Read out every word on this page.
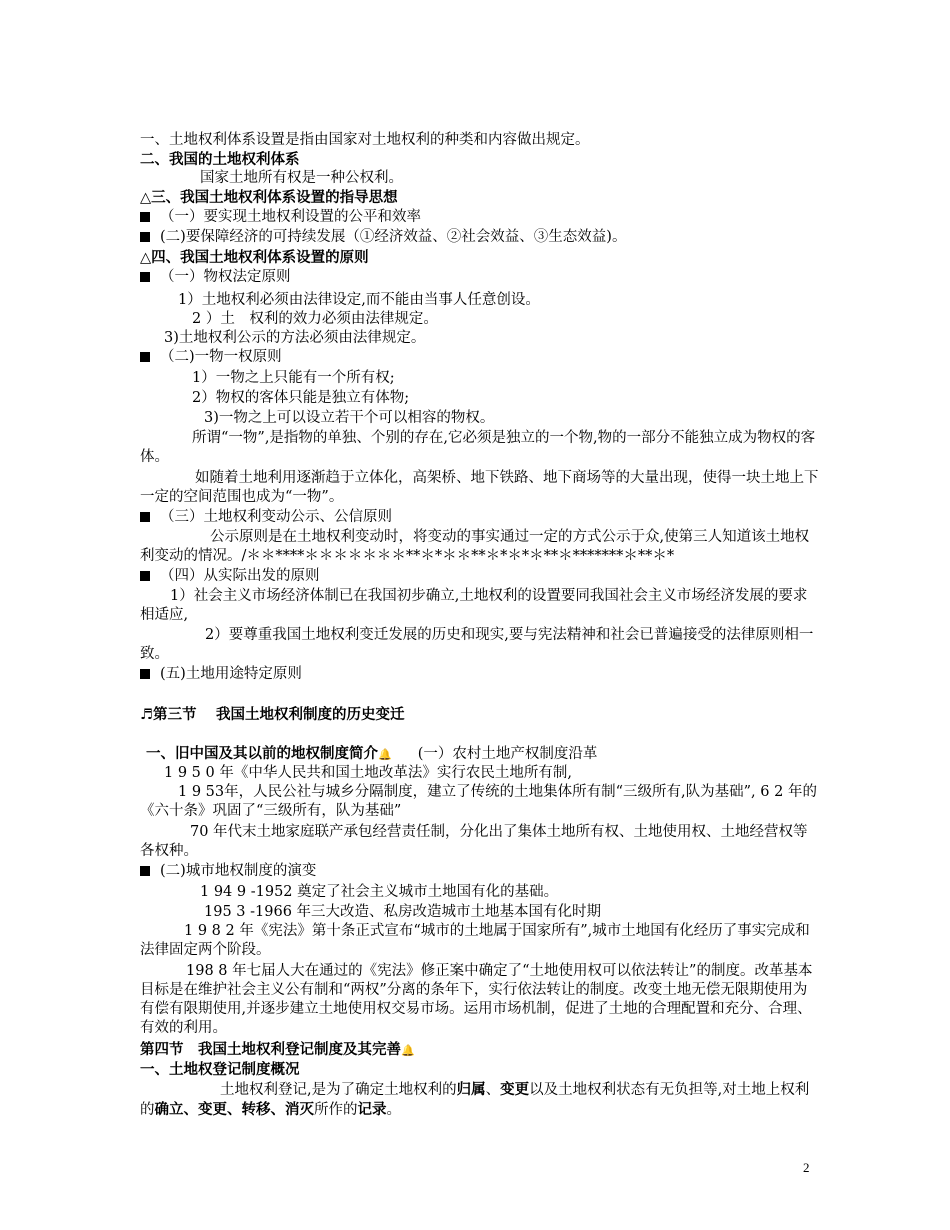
一、土地权利体系设置是指由国家对土地权利的种类和内容做出规定。

二、我国的土地权利体系

国家土地所有权是一种公权利。

△三、我国土地权利体系设置的指导思想

（一）要实现土地权利设置的公平和效率

(二)要保障经济的可持续发展（①经济效益、②社会效益、③生态效益)。

△四、我国土地权利体系设置的原则

（一）物权法定原则

1）土地权利必须由法律设定,而不能由当事人任意创设。

2 ）土　权利的效力必须由法律规定。

3)土地权利公示的方法必须由法律规定。

（二)一物一权原则

1）一物之上只能有一个所有权;

2）物权的客体只能是独立有体物;

3)一物之上可以设立若干个可以相容的物权。

所谓“一物”,是指物的单独、个别的存在,它必须是独立的一个物,物的一部分不能独立成为物权的客体。

如随着土地利用逐渐趋于立体化，高架桥、地下铁路、地下商场等的大量出现，使得一块土地上下一定的空间范围也成为“一物”。

（三）土地权利变动公示、公信原则

公示原则是在土地权利变动时，将变动的事实通过一定的方式公示于众,使第三人知道该土地权利变动的情况。/＊＊****＊＊＊＊＊＊＊**＊*＊＊**＊*＊*＊**＊*******＊**＊*

（四）从实际出发的原则

1）社会主义市场经济体制已在我国初步确立,土地权利的设置要同我国社会主义市场经济发展的要求相适应,

2）要尊重我国土地权利变迁发展的历史和现实,要与宪法精神和社会已普遍接受的法律原则相一致。

(五)土地用途特定原则

♬第三节　 我国土地权利制度的历史变迁

一、旧中国及其以前的地权制度简介🔔 (一）农村土地产权制度沿革

1 9 5 0 年《中华人民共和国土地改革法》实行农民土地所有制,

1 9 53年，人民公社与城乡分隔制度，建立了传统的土地集体所有制“三级所有,队为基础”, 6 2 年的《六十条》巩固了“三级所有，队为基础”

70 年代末土地家庭联产承包经营责任制，分化出了集体土地所有权、土地使用权、土地经营权等各权种。

(二)城市地权制度的演变

1 94 9 -1952 奠定了社会主义城市土地国有化的基础。

195 3 -1966 年三大改造、私房改造城市土地基本国有化时期

1 9 8 2 年《宪法》第十条正式宣布“城市的土地属于国家所有”,城市土地国有化经历了事实完成和法律固定两个阶段。

198 8 年七届人大在通过的《宪法》修正案中确定了“土地使用权可以依法转让”的制度。改革基本目标是在维护社会主义公有制和“两权”分离的条年下，实行依法转让的制度。改变土地无偿无限期使用为有偿有限期使用,并逐步建立土地使用权交易市场。运用市场机制，促进了土地的合理配置和充分、合理、有效的利用。

第四节　我国土地权利登记制度及其完善🔔

一、土地权登记制度概况

土地权利登记,是为了确定土地权利的归属、变更以及土地权利状态有无负担等,对土地上权利的确立、变更、转移、消灭所作的记录。

2
